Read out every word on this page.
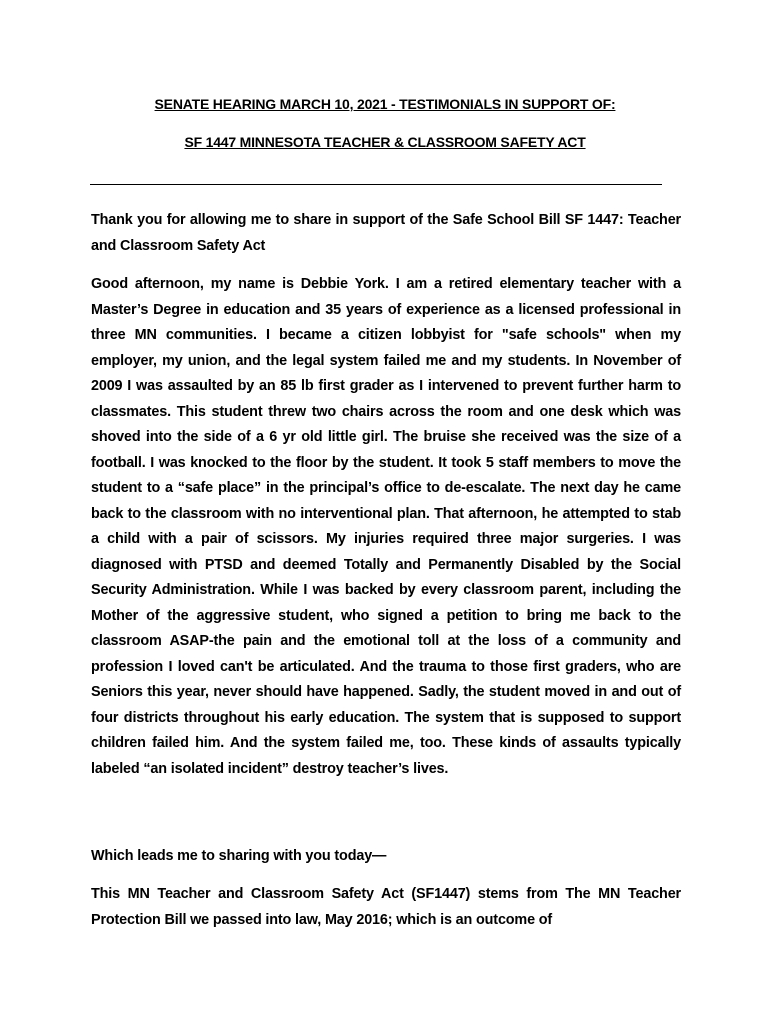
SENATE HEARING MARCH 10, 2021 - TESTIMONIALS IN SUPPORT OF:
SF 1447 MINNESOTA TEACHER & CLASSROOM SAFETY ACT

Thank you for allowing me to share in support of the Safe School Bill SF 1447: Teacher and Classroom Safety Act

Good afternoon, my name is Debbie York. I am a retired elementary teacher with a Master’s Degree in education and 35 years of experience as a licensed professional in three MN communities. I became a citizen lobbyist for "safe schools" when my employer, my union, and the legal system failed me and my students. In November of 2009 I was assaulted by an 85 lb first grader as I intervened to prevent further harm to classmates. This student threw two chairs across the room and one desk which was shoved into the side of a 6 yr old little girl. The bruise she received was the size of a football. I was knocked to the floor by the student. It took 5 staff members to move the student to a “safe place” in the principal’s office to de-escalate. The next day he came back to the classroom with no interventional plan. That afternoon, he attempted to stab a child with a pair of scissors. My injuries required three major surgeries. I was diagnosed with PTSD and deemed Totally and Permanently Disabled by the Social Security Administration. While I was backed by every classroom parent, including the Mother of the aggressive student, who signed a petition to bring me back to the classroom ASAP-the pain and the emotional toll at the loss of a community and profession I loved can't be articulated. And the trauma to those first graders, who are Seniors this year, never should have happened. Sadly, the student moved in and out of four districts throughout his early education. The system that is supposed to support children failed him. And the system failed me, too. These kinds of assaults typically labeled “an isolated incident” destroy teacher’s lives.

Which leads me to sharing with you today—

This MN Teacher and Classroom Safety Act (SF1447) stems from The MN Teacher Protection Bill we passed into law, May 2016; which is an outcome of
